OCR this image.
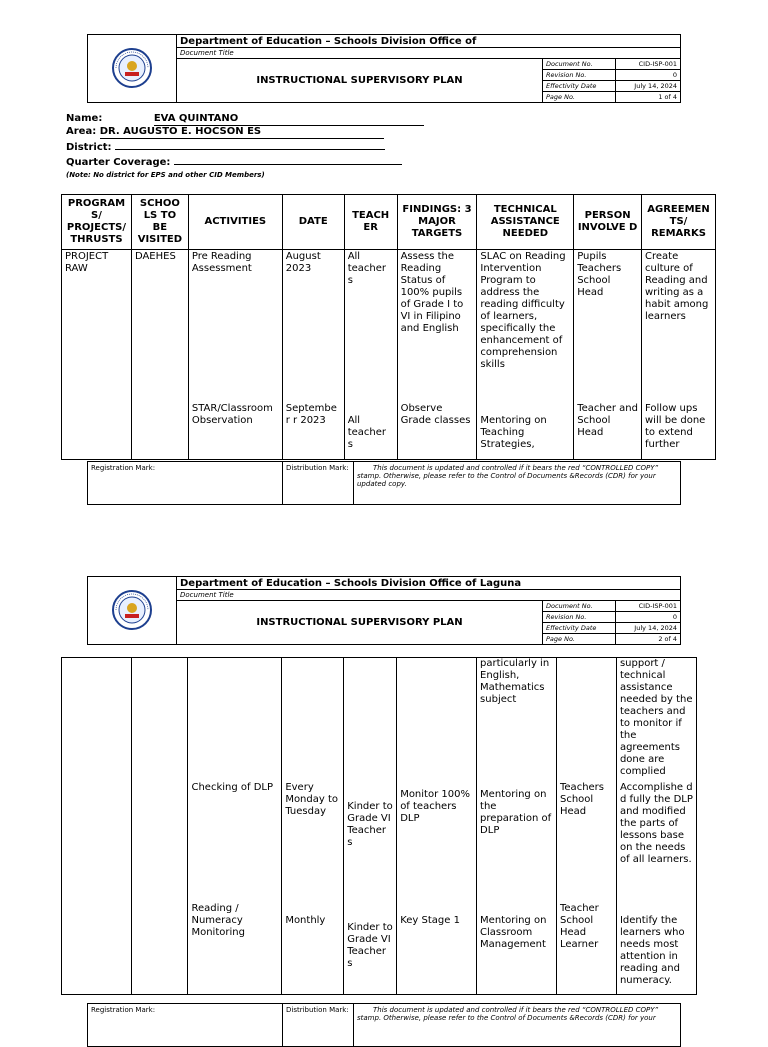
	Department of Education – Schools Division Office of		
	Document Title		
	INSTRUCTIONAL SUPERVISORY PLAN	Document No.	CID-ISP-001
		Revision No.	0
		Effectivity Date	July 14, 2024
		Page No.	1 of 4
Name:	EVA QUINTANO
Area: DR. AUGUSTO E. HOCSON ES
District:
Quarter Coverage:
(Note: No district for EPS and other CID Members)
PROGRAM S/ PROJECTS/ THRUSTS	SCHOO LS TO BE VISITED	ACTIVITIES	DATE	TEACH ER	FINDINGS: 3 MAJOR TARGETS	TECHNICAL ASSISTANCE NEEDED	PERSON INVOLVE D	AGREEMEN TS/ REMARKS
PROJECT RAW	DAEHES	Pre Reading Assessment	August 2023	All teacher s	Assess the Reading Status of 100% pupils of Grade I to VI in Filipino and English	SLAC on Reading Intervention Program to address the reading difficulty of learners, specifically the enhancement of comprehension skills	Pupils Teachers School Head	Create culture of Reading and writing as a habit among learners
		STAR/Classroom Observation	Septembe r r 2023	All teacher s	Observe Grade classes	Mentoring on Teaching Strategies,	Teacher and School Head	Follow ups will be done to extend further
Registration Mark:	Distribution Mark:	This document is updated and controlled if it bears the red “CONTROLLED COPY” stamp. Otherwise, please refer to the Control of Documents &Records (CDR) for your updated copy.
	Department of Education – Schools Division Office of Laguna		
	Document Title		
	INSTRUCTIONAL SUPERVISORY PLAN	Document No.	CID-ISP-001
		Revision No.	0
		Effectivity Date	July 14, 2024
		Page No.	2 of 4
						particularly in English, Mathematics subject		support / technical assistance needed by the teachers and to monitor if the agreements done are complied
		Checking of DLP	Every Monday to Tuesday	Kinder to Grade VI Teacher s	Monitor 100% of teachers DLP	Mentoring on the preparation of DLP	Teachers School Head	Accomplishe d d fully the DLP and modified the parts of lessons base on the needs of all learners.
		Reading / Numeracy Monitoring	Monthly	Kinder to Grade VI Teacher s	Key Stage 1	Mentoring on Classroom Management	Teacher School Head Learner	Identify the learners who needs most attention in reading and numeracy.
Registration Mark:	Distribution Mark:	This document is updated and controlled if it bears the red “CONTROLLED COPY” stamp. Otherwise, please refer to the Control of Documents &Records (CDR) for your
